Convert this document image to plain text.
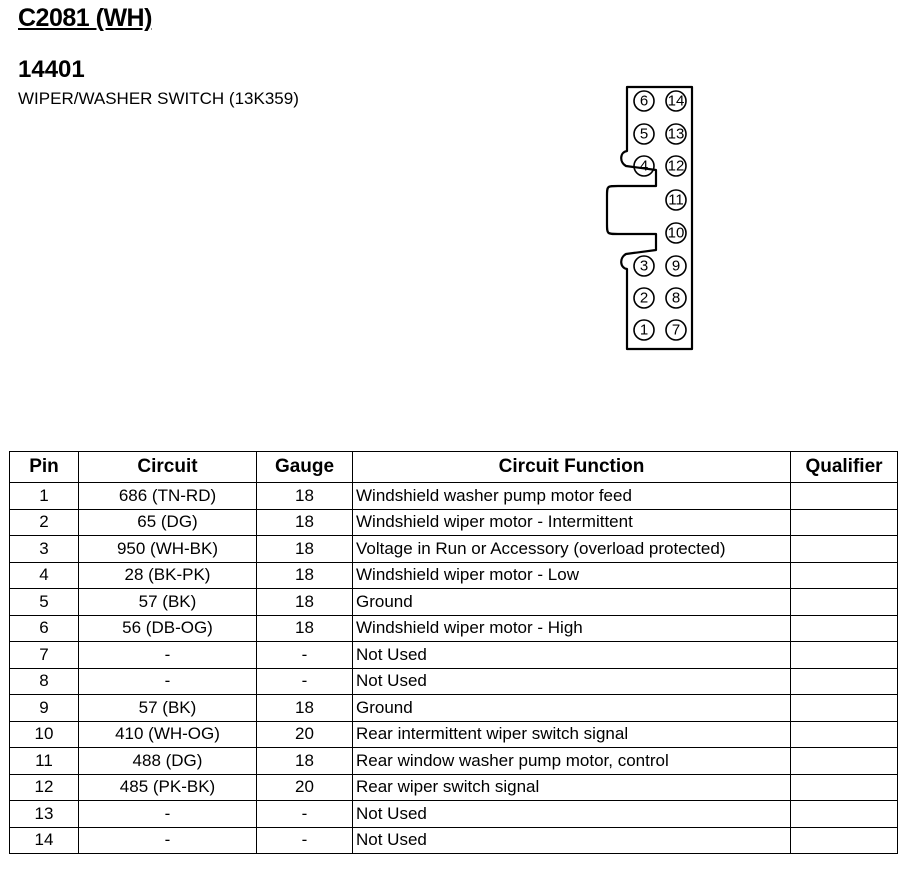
C2081 (WH)
14401
WIPER/WASHER SWITCH (13K359)
1
2
3
4
5
6
7
8
9
10
11
12
13
14
Pin	Circuit	Gauge	Circuit Function	Qualifier
1	686 (TN-RD)	18	Windshield washer pump motor feed	
2	65 (DG)	18	Windshield wiper motor - Intermittent	
3	950 (WH-BK)	18	Voltage in Run or Accessory (overload protected)	
4	28 (BK-PK)	18	Windshield wiper motor - Low	
5	57 (BK)	18	Ground	
6	56 (DB-OG)	18	Windshield wiper motor - High	
7	-	-	Not Used	
8	-	-	Not Used	
9	57 (BK)	18	Ground	
10	410 (WH-OG)	20	Rear intermittent wiper switch signal	
11	488 (DG)	18	Rear window washer pump motor, control	
12	485 (PK-BK)	20	Rear wiper switch signal	
13	-	-	Not Used	
14	-	-	Not Used	
